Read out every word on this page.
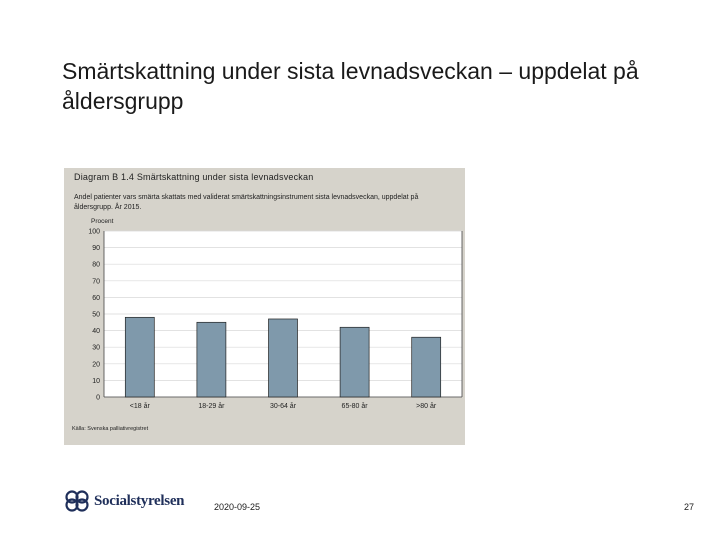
Smärtskattning under sista levnadsveckan – uppdelat på åldersgrupp
Diagram B 1.4 Smärtskattning under sista levnadsveckan
Andel patienter vars smärta skattats med validerat smärtskattningsinstrument sista levnadsveckan, uppdelat på åldersgrupp. År 2015.
Procent
0
10
20
30
40
50
60
70
80
90
100
<18 år	18-29 år	30-64 år	65-80 år	>80 år
Källa: Svenska palliativregistret
Socialstyrelsen	2020-09-25	27
